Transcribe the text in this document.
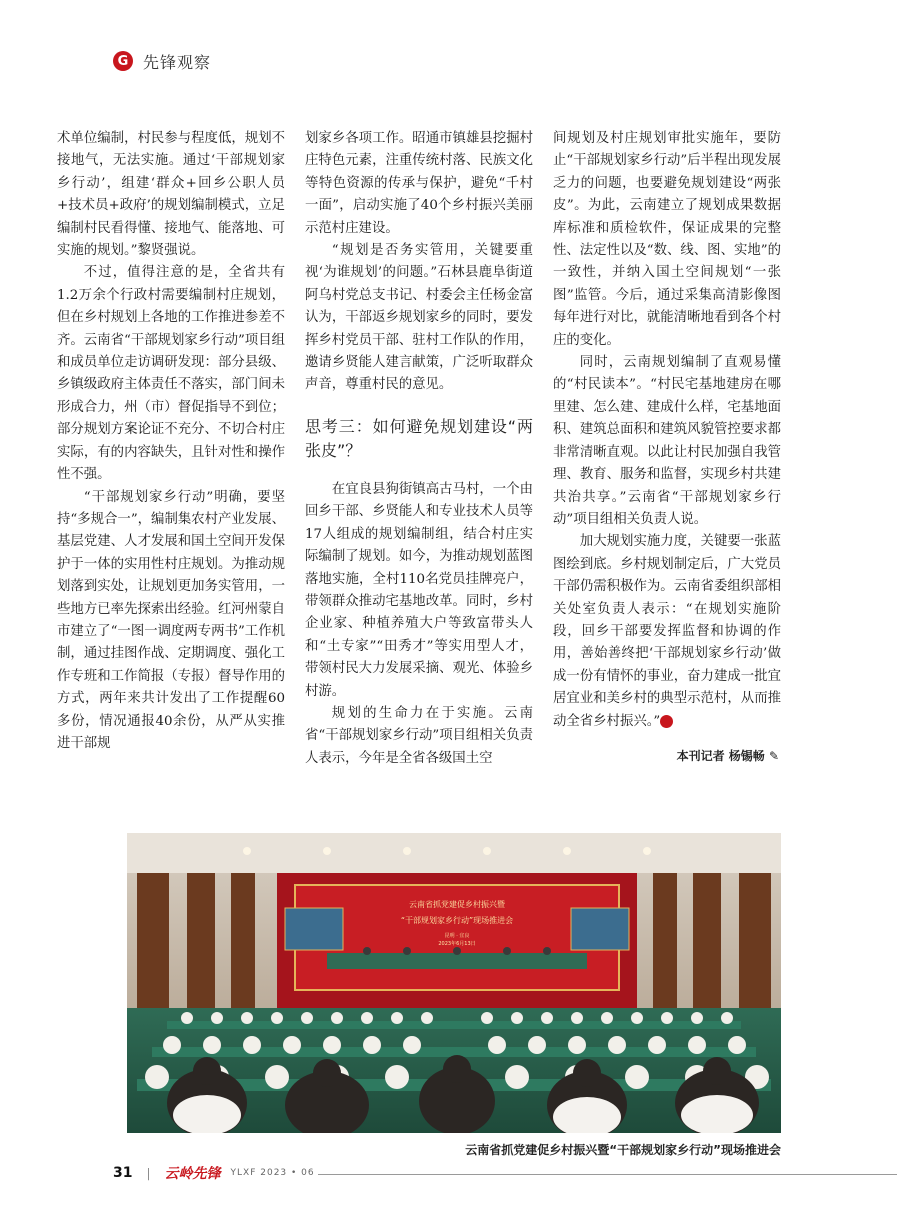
G 先锋观察

术单位编制，村民参与程度低，规划不接地气，无法实施。通过‘干部规划家乡行动’，组建‘群众+回乡公职人员+技术员+政府’的规划编制模式，立足编制村民看得懂、接地气、能落地、可实施的规划。”黎贤强说。

不过，值得注意的是，全省共有1.2万余个行政村需要编制村庄规划，但在乡村规划上各地的工作推进参差不齐。云南省“干部规划家乡行动”项目组和成员单位走访调研发现：部分县级、乡镇级政府主体责任不落实，部门间未形成合力，州（市）督促指导不到位；部分规划方案论证不充分、不切合村庄实际，有的内容缺失，且针对性和操作性不强。

“干部规划家乡行动”明确，要坚持“多规合一”，编制集农村产业发展、基层党建、人才发展和国土空间开发保护于一体的实用性村庄规划。为推动规划落到实处，让规划更加务实管用，一些地方已率先探索出经验。红河州蒙自市建立了“一图一调度两专两书”工作机制，通过挂图作战、定期调度、强化工作专班和工作简报（专报）督导作用的方式，两年来共计发出了工作提醒60多份，情况通报40余份，从严从实推进干部规

划家乡各项工作。昭通市镇雄县挖掘村庄特色元素，注重传统村落、民族文化等特色资源的传承与保护，避免“千村一面”，启动实施了40个乡村振兴美丽示范村庄建设。

“规划是否务实管用，关键要重视‘为谁规划’的问题。”石林县鹿阜街道阿乌村党总支书记、村委会主任杨金富认为，干部返乡规划家乡的同时，要发挥乡村党员干部、驻村工作队的作用，邀请乡贤能人建言献策，广泛听取群众声音，尊重村民的意见。

思考三：如何避免规划建设“两张皮”？

在宜良县狗街镇高古马村，一个由回乡干部、乡贤能人和专业技术人员等17人组成的规划编制组，结合村庄实际编制了规划。如今，为推动规划蓝图落地实施，全村110名党员挂牌亮户，带领群众推动宅基地改革。同时，乡村企业家、种植养殖大户等致富带头人和“土专家”“田秀才”等实用型人才，带领村民大力发展采摘、观光、体验乡村游。

规划的生命力在于实施。云南省“干部规划家乡行动”项目组相关负责人表示，今年是全省各级国土空

间规划及村庄规划审批实施年，要防止“干部规划家乡行动”后半程出现发展乏力的问题，也要避免规划建设“两张皮”。为此，云南建立了规划成果数据库标准和质检软件，保证成果的完整性、法定性以及“数、线、图、实地”的一致性，并纳入国土空间规划“一张图”监管。今后，通过采集高清影像图每年进行对比，就能清晰地看到各个村庄的变化。

同时，云南规划编制了直观易懂的“村民读本”。“村民宅基地建房在哪里建、怎么建、建成什么样，宅基地面积、建筑总面积和建筑风貌管控要求都非常清晰直观。以此让村民加强自我管理、教育、服务和监督，实现乡村共建共治共享。”云南省“干部规划家乡行动”项目组相关负责人说。

加大规划实施力度，关键要一张蓝图绘到底。乡村规划制定后，广大党员干部仍需积极作为。云南省委组织部相关处室负责人表示：“在规划实施阶段，回乡干部要发挥监督和协调的作用，善始善终把‘干部规划家乡行动’做成一份有情怀的事业，奋力建成一批宜居宜业和美乡村的典型示范村，从而推动全省乡村振兴。”	云

本刊记者 杨锡畅 ✎
云南省抓党建促乡村振兴暨
“干部规划家乡行动”现场推进会
昆明 · 宜良
2023年6月13日
云南省抓党建促乡村振兴暨“干部规划家乡行动”现场推进会
31 | 云岭先锋 YLXF 2023 • 06
